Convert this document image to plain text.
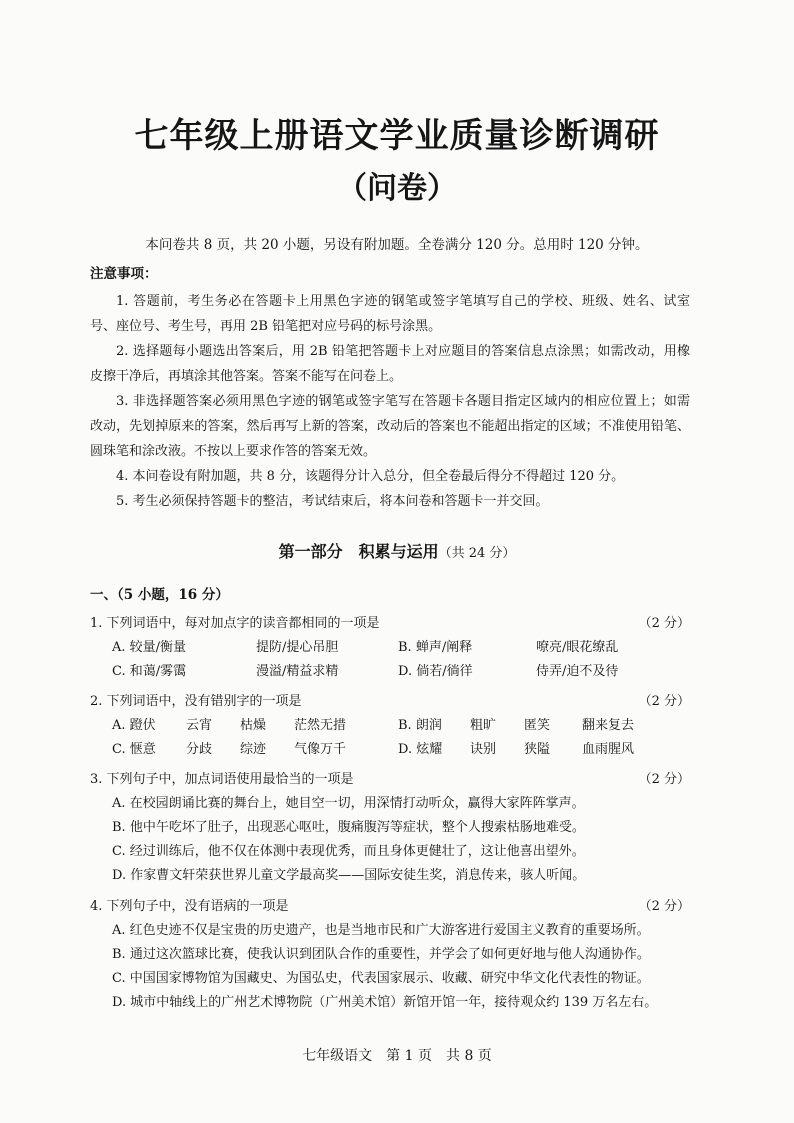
七年级上册语文学业质量诊断调研
（问卷）
本问卷共 8 页，共 20 小题，另设有附加题。全卷满分 120 分。总用时 120 分钟。
注意事项：

1. 答题前，考生务必在答题卡上用黑色字迹的钢笔或签字笔填写自己的学校、班级、姓名、试室号、座位号、考生号，再用 2B 铅笔把对应号码的标号涂黑。

2. 选择题每小题选出答案后，用 2B 铅笔把答题卡上对应题目的答案信息点涂黑；如需改动，用橡皮擦干净后，再填涂其他答案。答案不能写在问卷上。

3. 非选择题答案必须用黑色字迹的钢笔或签字笔写在答题卡各题目指定区域内的相应位置上；如需改动，先划掉原来的答案，然后再写上新的答案，改动后的答案也不能超出指定的区域；不准使用铅笔、圆珠笔和涂改液。不按以上要求作答的答案无效。

4. 本问卷设有附加题，共 8 分，该题得分计入总分，但全卷最后得分不得超过 120 分。

5. 考生必须保持答题卡的整洁，考试结束后，将本问卷和答题卡一并交回。

第一部分　积累与运用（共 24 分）
一、（5 小题，16 分）
1. 下列词语中，每对加点字的读音都相同的一项是	（2 分）
A. 较量/衡量	提防/提心吊胆	B. 蝉声/阐释	嘹亮/眼花缭乱
C. 和蔼/雾霭	漫溢/精益求精	D. 倘若/徜徉	侍弄/迫不及待
2. 下列词语中，没有错别字的一项是	（2 分）
A. 蹬伏 云宵 枯燥 茫然无措	B. 朗润 粗旷 匿笑 翻来复去
C. 惬意 分歧 综迹 气像万千	D. 炫耀 诀别 狭隘 血雨腥风
3. 下列句子中，加点词语使用最恰当的一项是	（2 分）
A. 在校园朗诵比赛的舞台上，她目空一切，用深情打动听众，赢得大家阵阵掌声。
B. 他中午吃坏了肚子，出现恶心呕吐，腹痛腹泻等症状，整个人搜索枯肠地难受。
C. 经过训练后，他不仅在体测中表现优秀，而且身体更健壮了，这让他喜出望外。
D. 作家曹文轩荣获世界儿童文学最高奖——国际安徒生奖，消息传来，骇人听闻。
4. 下列句子中，没有语病的一项是	（2 分）
A. 红色史迹不仅是宝贵的历史遗产，也是当地市民和广大游客进行爱国主义教育的重要场所。
B. 通过这次篮球比赛，使我认识到团队合作的重要性，并学会了如何更好地与他人沟通协作。
C. 中国国家博物馆为国藏史、为国弘史，代表国家展示、收藏、研究中华文化代表性的物证。
D. 城市中轴线上的广州艺术博物院（广州美术馆）新馆开馆一年，接待观众约 139 万名左右。
七年级语文　第 1 页　共 8 页
